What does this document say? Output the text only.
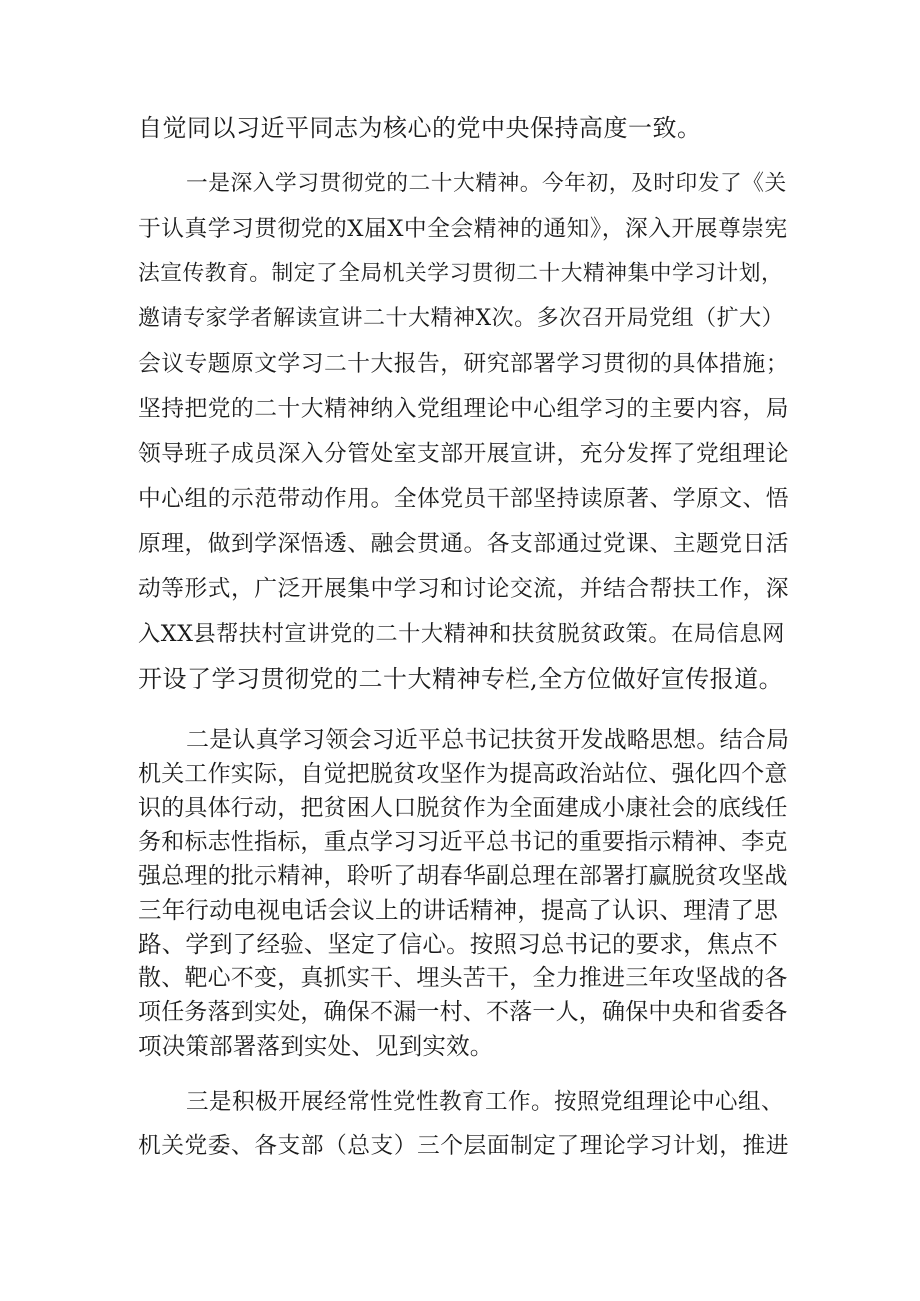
自觉同以习近平同志为核心的党中央保持高度一致。
一是深入学习贯彻党的二十大精神。今年初，及时印发了《关
于认真学习贯彻党的X届X中全会精神的通知》，深入开展尊崇宪
法宣传教育。制定了全局机关学习贯彻二十大精神集中学习计划，
邀请专家学者解读宣讲二十大精神X次。多次召开局党组（扩大）
会议专题原文学习二十大报告，研究部署学习贯彻的具体措施；
坚持把党的二十大精神纳入党组理论中心组学习的主要内容，局
领导班子成员深入分管处室支部开展宣讲，充分发挥了党组理论
中心组的示范带动作用。全体党员干部坚持读原著、学原文、悟
原理，做到学深悟透、融会贯通。各支部通过党课、主题党日活
动等形式，广泛开展集中学习和讨论交流，并结合帮扶工作，深
入XX县帮扶村宣讲党的二十大精神和扶贫脱贫政策。在局信息网
开设了学习贯彻党的二十大精神专栏,全方位做好宣传报道。
二是认真学习领会习近平总书记扶贫开发战略思想。结合局
机关工作实际，自觉把脱贫攻坚作为提高政治站位、强化四个意
识的具体行动，把贫困人口脱贫作为全面建成小康社会的底线任
务和标志性指标，重点学习习近平总书记的重要指示精神、李克
强总理的批示精神，聆听了胡春华副总理在部署打赢脱贫攻坚战
三年行动电视电话会议上的讲话精神，提高了认识、理清了思
路、学到了经验、坚定了信心。按照习总书记的要求，焦点不
散、靶心不变，真抓实干、埋头苦干，全力推进三年攻坚战的各
项任务落到实处，确保不漏一村、不落一人，确保中央和省委各
项决策部署落到实处、见到实效。
三是积极开展经常性党性教育工作。按照党组理论中心组、
机关党委、各支部（总支）三个层面制定了理论学习计划，推进
